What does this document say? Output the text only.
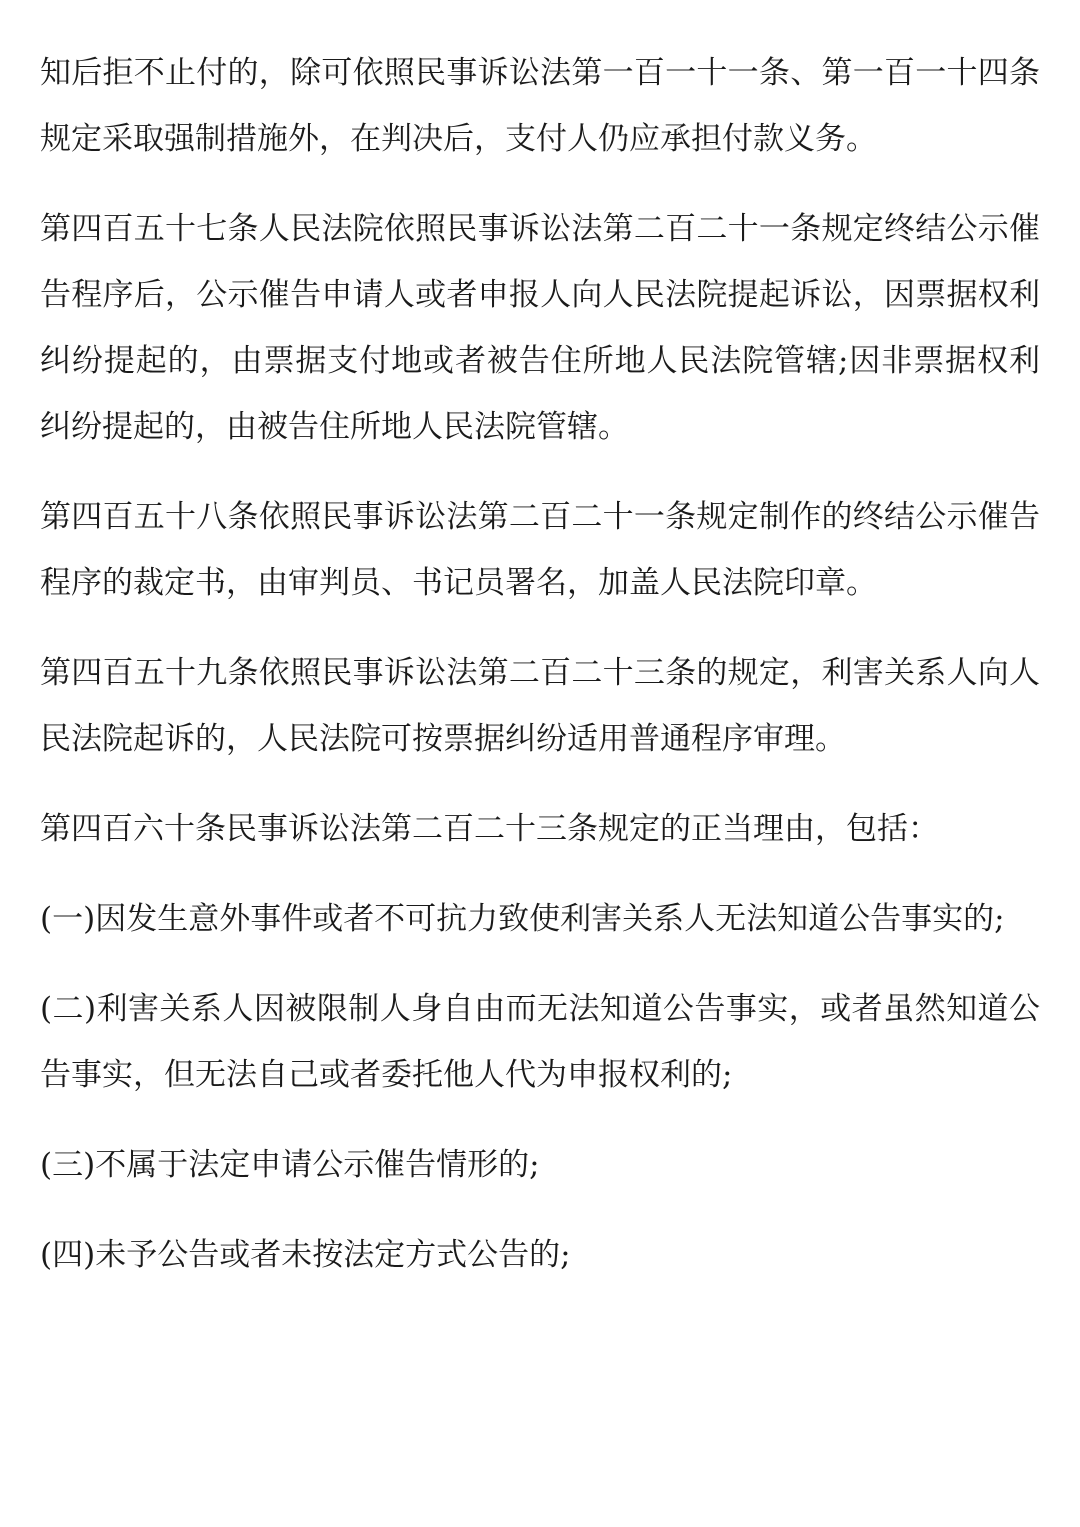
知后拒不止付的，除可依照民事诉讼法第一百一十一条、第一百一十四条规定采取强制措施外，在判决后，支付人仍应承担付款义务。

第四百五十七条人民法院依照民事诉讼法第二百二十一条规定终结公示催告程序后，公示催告申请人或者申报人向人民法院提起诉讼，因票据权利纠纷提起的，由票据支付地或者被告住所地人民法院管辖;因非票据权利纠纷提起的，由被告住所地人民法院管辖。

第四百五十八条依照民事诉讼法第二百二十一条规定制作的终结公示催告程序的裁定书，由审判员、书记员署名，加盖人民法院印章。

第四百五十九条依照民事诉讼法第二百二十三条的规定，利害关系人向人民法院起诉的，人民法院可按票据纠纷适用普通程序审理。

第四百六十条民事诉讼法第二百二十三条规定的正当理由，包括：

(一)因发生意外事件或者不可抗力致使利害关系人无法知道公告事实的;

(二)利害关系人因被限制人身自由而无法知道公告事实，或者虽然知道公告事实，但无法自己或者委托他人代为申报权利的;

(三)不属于法定申请公示催告情形的;

(四)未予公告或者未按法定方式公告的;
